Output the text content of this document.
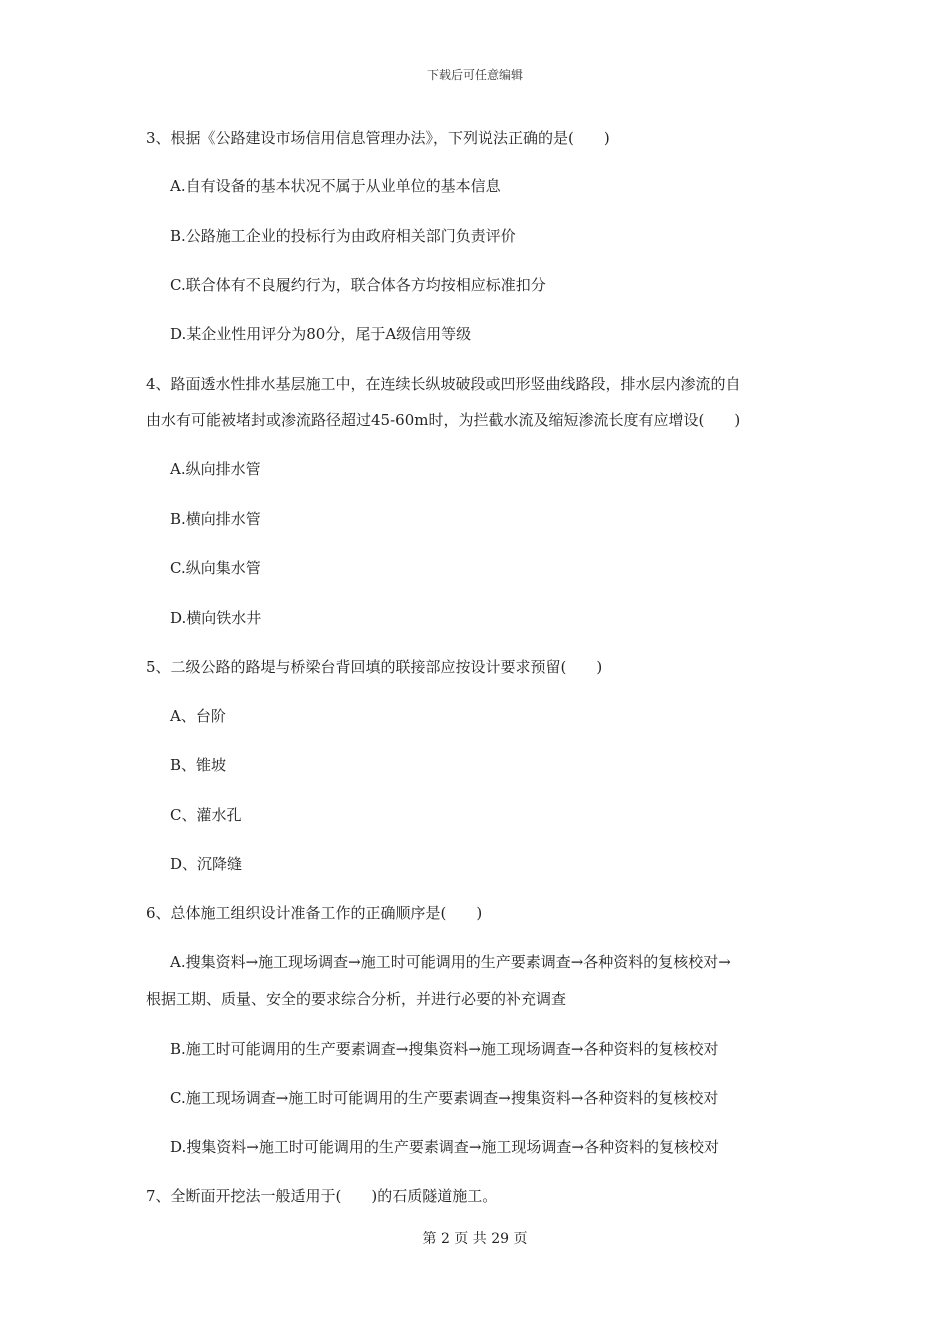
下载后可任意编辑
3、根据《公路建设市场信用信息管理办法》，下列说法正确的是(　　)
A.自有设备的基本状况不属于从业单位的基本信息
B.公路施工企业的投标行为由政府相关部门负责评价
C.联合体有不良履约行为，联合体各方均按相应标准扣分
D.某企业性用评分为80分，尾于A级信用等级
4、路面透水性排水基层施工中，在连续长纵坡破段或凹形竖曲线路段，排水层内渗流的自
由水有可能被堵封或渗流路径超过45-60m时，为拦截水流及缩短渗流长度有应增设(　　)
A.纵向排水管
B.横向排水管
C.纵向集水管
D.横向铁水井
5、二级公路的路堤与桥梁台背回填的联接部应按设计要求预留(　　)
A、台阶
B、锥坡
C、灌水孔
D、沉降缝
6、总体施工组织设计准备工作的正确顺序是(　　)
A.搜集资料→施工现场调查→施工时可能调用的生产要素调查→各种资料的复核校对→
根据工期、质量、安全的要求综合分析，并进行必要的补充调查
B.施工时可能调用的生产要素调查→搜集资料→施工现场调查→各种资料的复核校对
C.施工现场调查→施工时可能调用的生产要素调查→搜集资料→各种资料的复核校对
D.搜集资料→施工时可能调用的生产要素调查→施工现场调查→各种资料的复核校对
7、全断面开挖法一般适用于(　　)的石质隧道施工。
第 2 页 共 29 页
